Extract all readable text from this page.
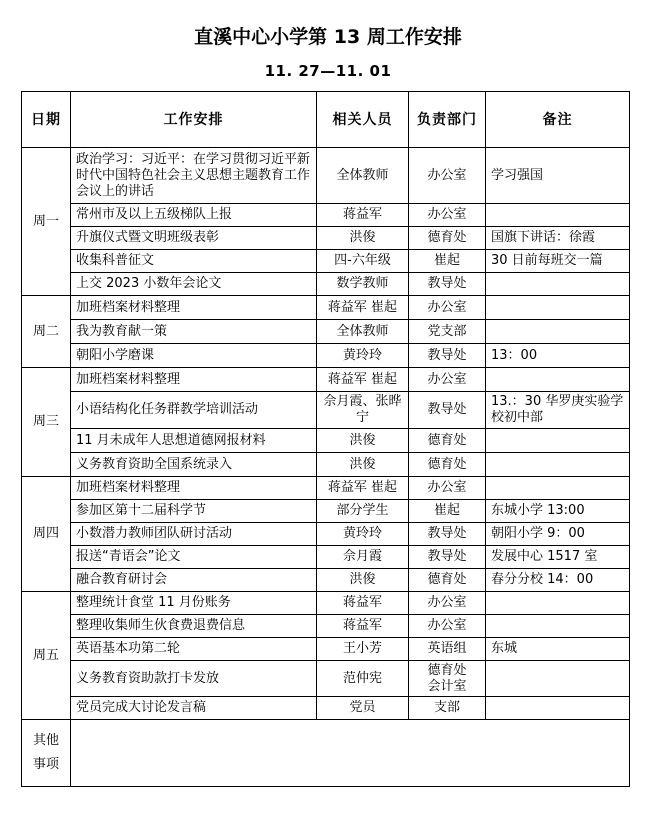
直溪中心小学第 13 周工作安排
11. 27—11. 01
日期	工作安排	相关人员	负责部门	备注
周一	政治学习：习近平：在学习贯彻习近平新时代中国特色社会主义思想主题教育工作会议上的讲话	全体教师	办公室	学习强国
	常州市及以上五级梯队上报	蒋益军	办公室	
	升旗仪式暨文明班级表彰	洪俊	德育处	国旗下讲话：徐霞
	收集科普征文	四-六年级	崔起	30 日前每班交一篇
	上交 2023 小数年会论文	数学教师	教导处	
周二	加班档案材料整理	蒋益军 崔起	办公室	
	我为教育献一策	全体教师	党支部	
	朝阳小学磨课	黄玲玲	教导处	13：00
周三	加班档案材料整理	蒋益军 崔起	办公室	
	小语结构化任务群教学培训活动	佘月霞、张晔宁	教导处	13.：30 华罗庚实验学校初中部
	11 月未成年人思想道德网报材料	洪俊	德育处	
	义务教育资助全国系统录入	洪俊	德育处	
周四	加班档案材料整理	蒋益军 崔起	办公室	
	参加区第十二届科学节	部分学生	崔起	东城小学 13:00
	小数潜力教师团队研讨活动	黄玲玲	教导处	朝阳小学 9：00
	报送“青语会”论文	佘月霞	教导处	发展中心 1517 室
	融合教育研讨会	洪俊	德育处	春分分校 14：00
周五	整理统计食堂 11 月份账务	蒋益军	办公室	
	整理收集师生伙食费退费信息	蒋益军	办公室	
	英语基本功第二轮	王小芳	英语组	东城
	义务教育资助款打卡发放	范仲宪	德育处会计室	
	党员完成大讨论发言稿	党员	支部	
其他事项				
